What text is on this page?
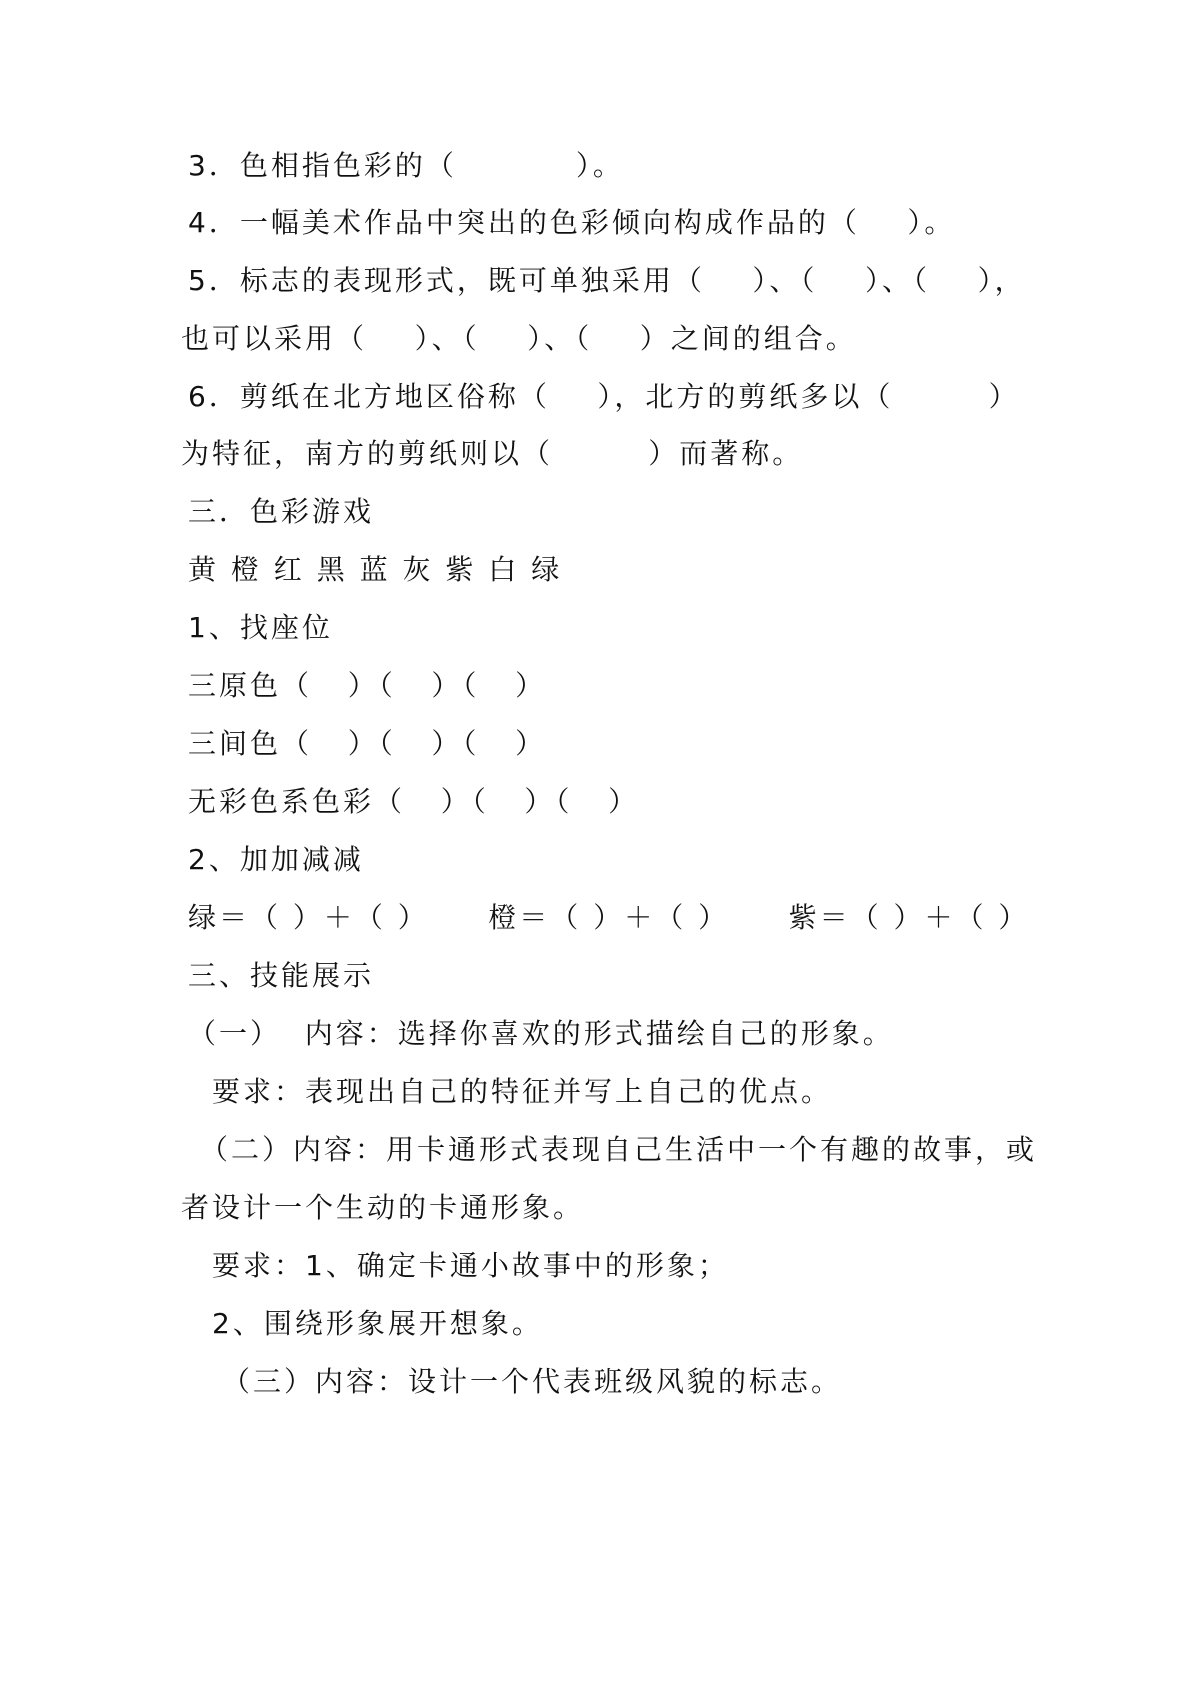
3．色相指色彩的（          ）。
4．一幅美术作品中突出的色彩倾向构成作品的（    ）。
5．标志的表现形式，既可单独采用（    ）、（    ）、（    ），
也可以采用（    ）、（    ）、（    ）之间的组合。
6．剪纸在北方地区俗称（    ），北方的剪纸多以（        ）
为特征，南方的剪纸则以（        ）而著称。
三．色彩游戏
黄 橙 红 黑 蓝 灰 紫 白 绿
1、找座位
三原色（   ）（   ）（   ）
三间色（   ）（   ）（   ）
无彩色系色彩（   ）（   ）（   ）
2、加加减减
绿＝（ ）＋（ ）     橙＝（ ）＋（ ）     紫＝（ ）＋（ ）
三、技能展示
（一）  内容：选择你喜欢的形式描绘自己的形象。
要求：表现出自己的特征并写上自己的优点。
（二）内容：用卡通形式表现自己生活中一个有趣的故事，或
者设计一个生动的卡通形象。
要求：1、确定卡通小故事中的形象；
2、围绕形象展开想象。
（三）内容：设计一个代表班级风貌的标志。
